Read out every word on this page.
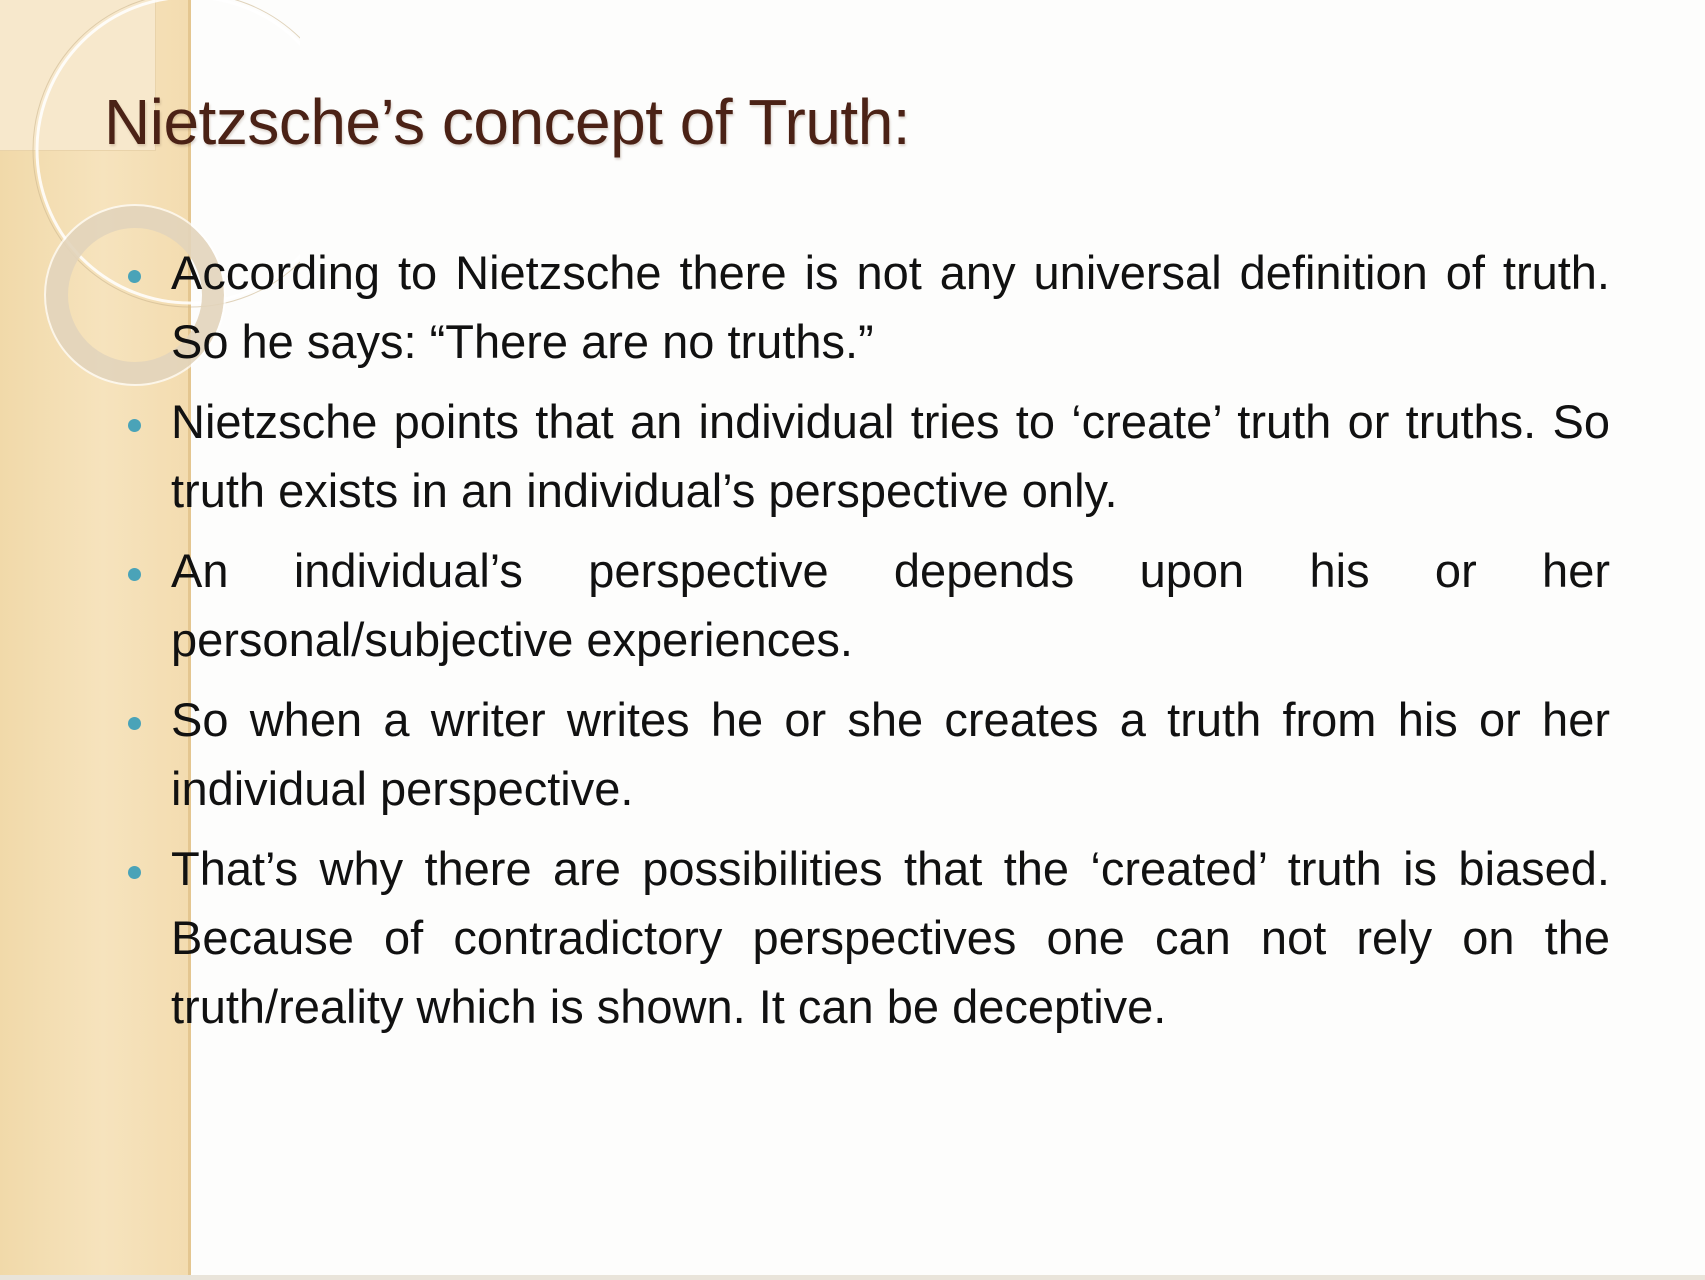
Nietzsche’s concept of Truth:
According to Nietzsche there is not any universal definition of truth. So he says: “There are no truths.”
Nietzsche points that an individual tries to ‘create’ truth or truths. So truth exists in an individual’s perspective only.
An individual’s perspective depends upon his or her personal/subjective experiences.
So when a writer writes he or she creates a truth from his or her individual perspective.
That’s why there are possibilities that the ‘created’ truth is biased. Because of contradictory perspectives one can not rely on the truth/reality which is shown. It can be deceptive.
